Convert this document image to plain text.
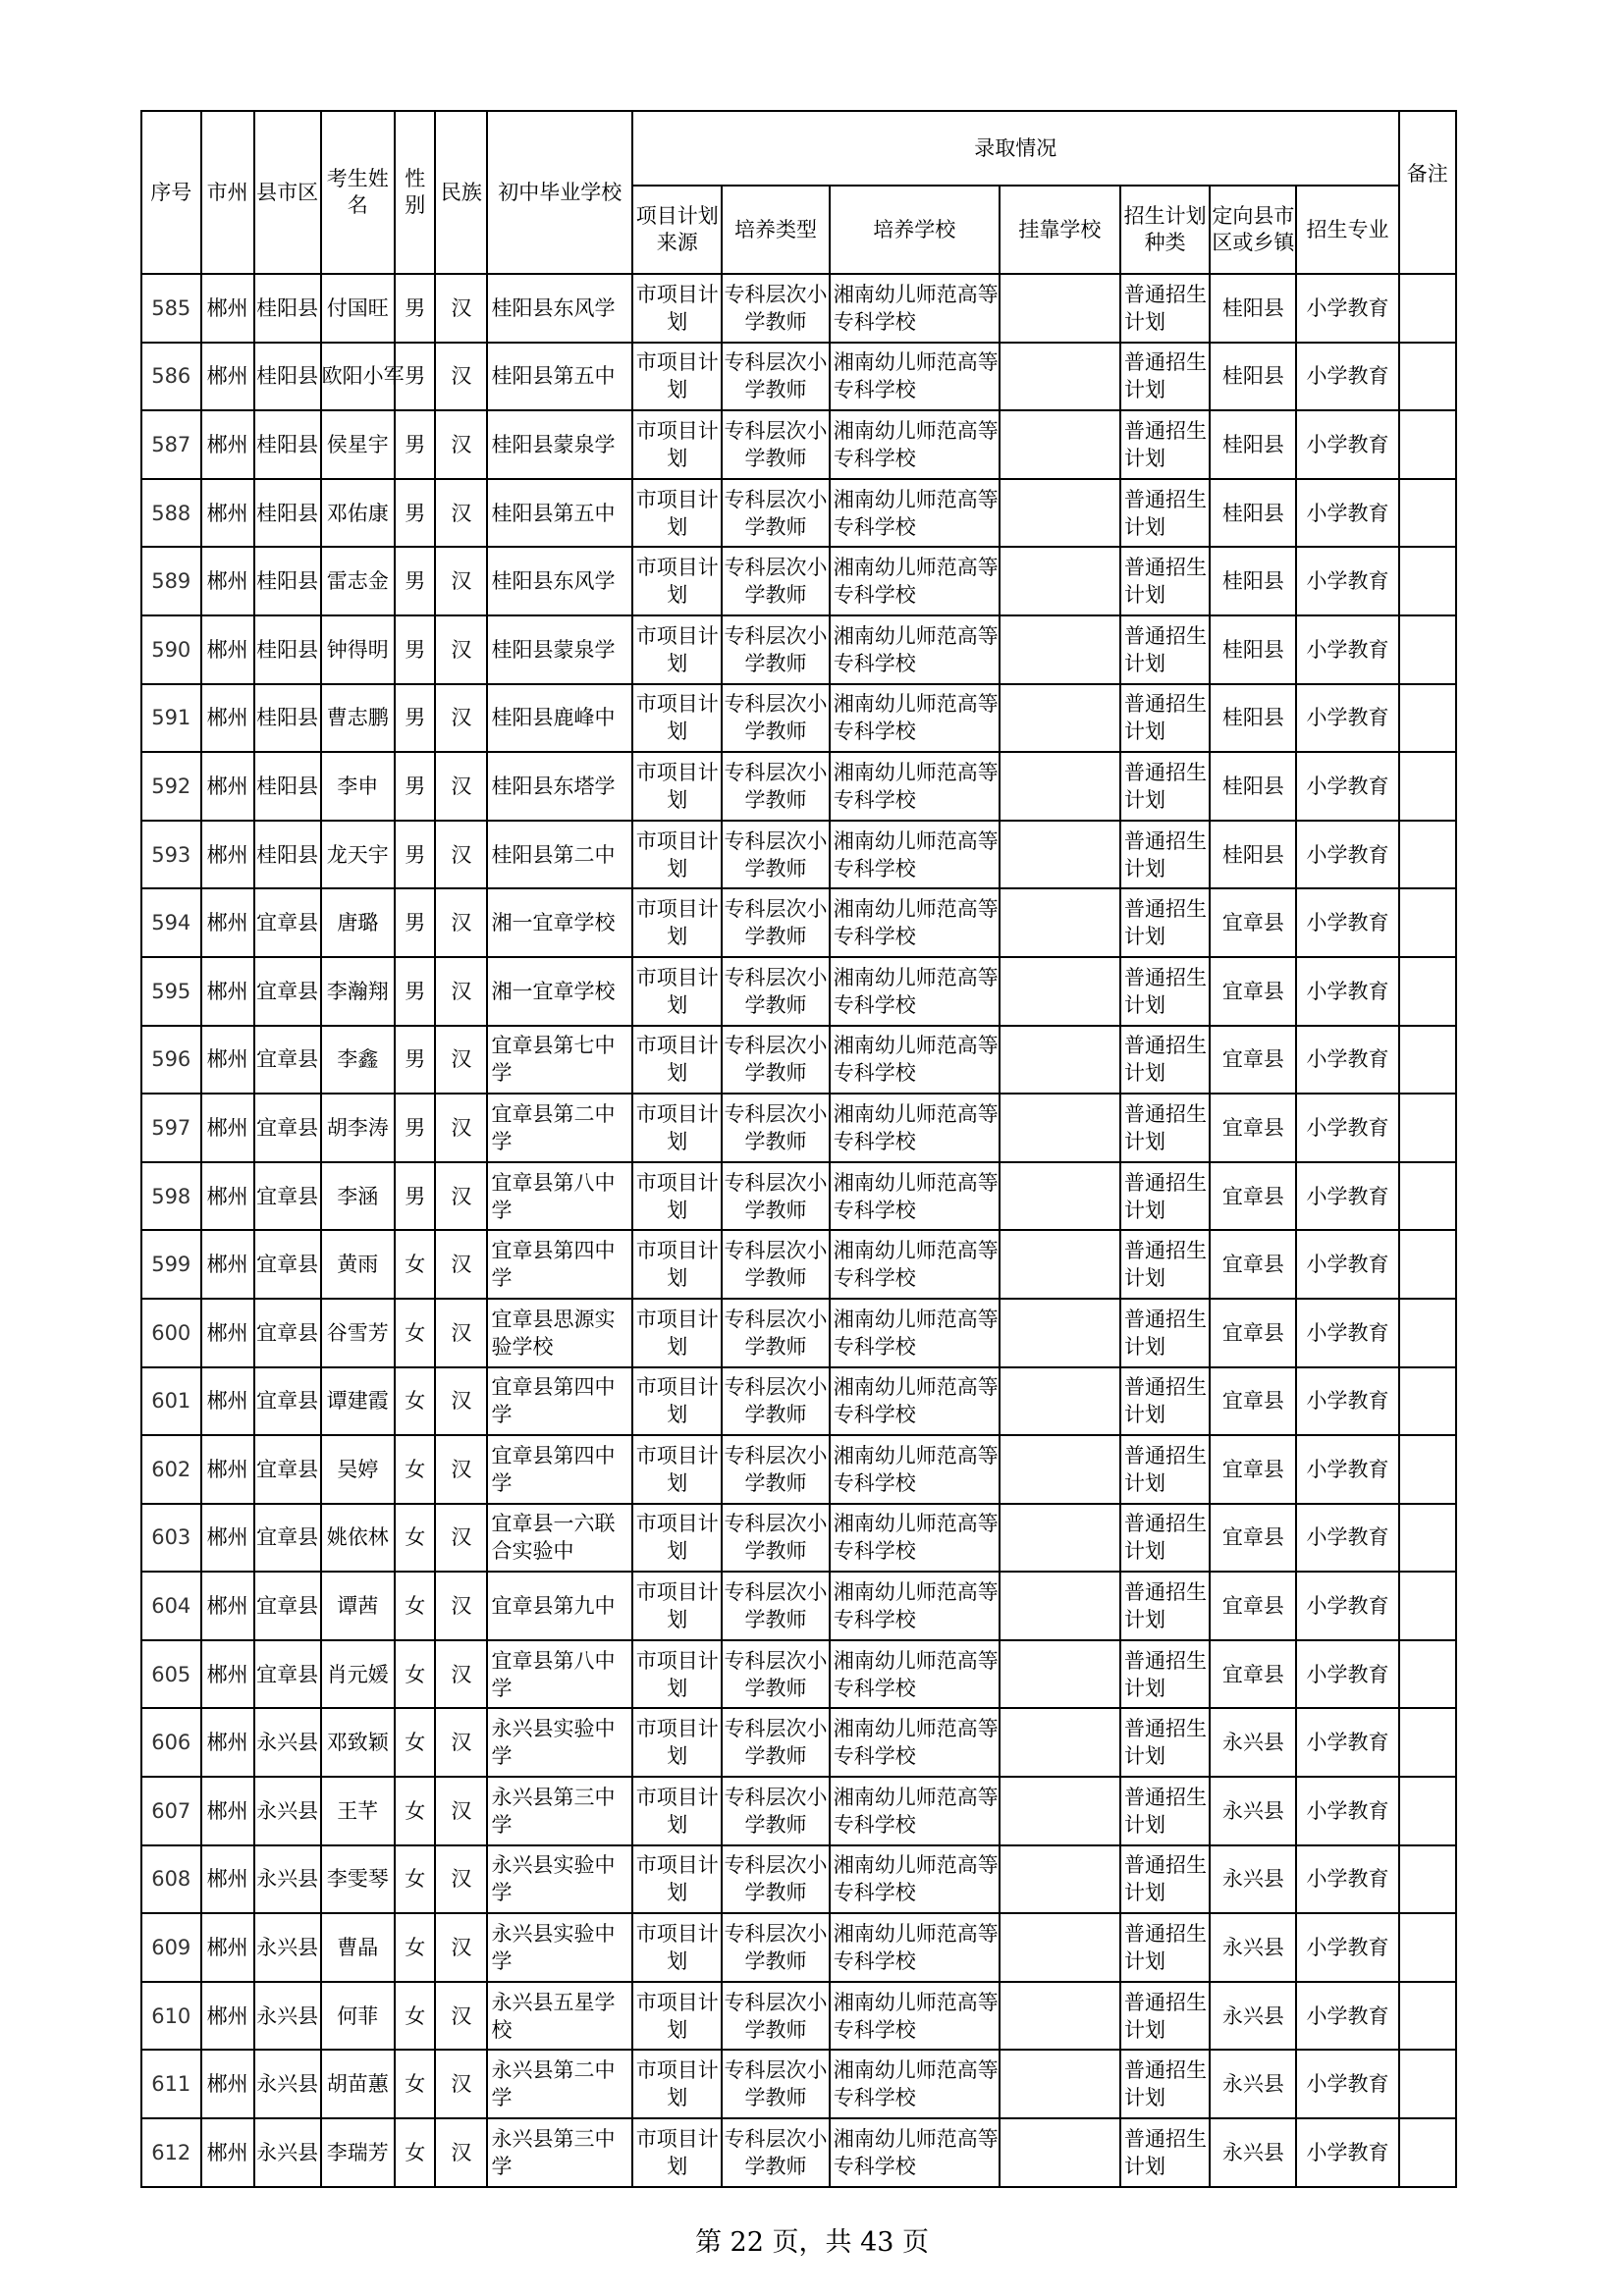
序号	市州	县市区	考生姓名	性别	民族	初中毕业学校	录取情况							备注
							项目计划来源	培养类型	培养学校	挂靠学校	招生计划种类	定向县市区或乡镇	招生专业	
585	郴州	桂阳县	付国旺	男	汉	桂阳县东风学	市项目计划	专科层次小学教师	湘南幼儿师范高等专科学校		普通招生计划	桂阳县	小学教育	
586	郴州	桂阳县	欧阳小军	男	汉	桂阳县第五中	市项目计划	专科层次小学教师	湘南幼儿师范高等专科学校		普通招生计划	桂阳县	小学教育	
587	郴州	桂阳县	侯星宇	男	汉	桂阳县蒙泉学	市项目计划	专科层次小学教师	湘南幼儿师范高等专科学校		普通招生计划	桂阳县	小学教育	
588	郴州	桂阳县	邓佑康	男	汉	桂阳县第五中	市项目计划	专科层次小学教师	湘南幼儿师范高等专科学校		普通招生计划	桂阳县	小学教育	
589	郴州	桂阳县	雷志金	男	汉	桂阳县东风学	市项目计划	专科层次小学教师	湘南幼儿师范高等专科学校		普通招生计划	桂阳县	小学教育	
590	郴州	桂阳县	钟得明	男	汉	桂阳县蒙泉学	市项目计划	专科层次小学教师	湘南幼儿师范高等专科学校		普通招生计划	桂阳县	小学教育	
591	郴州	桂阳县	曹志鹏	男	汉	桂阳县鹿峰中	市项目计划	专科层次小学教师	湘南幼儿师范高等专科学校		普通招生计划	桂阳县	小学教育	
592	郴州	桂阳县	李申	男	汉	桂阳县东塔学	市项目计划	专科层次小学教师	湘南幼儿师范高等专科学校		普通招生计划	桂阳县	小学教育	
593	郴州	桂阳县	龙天宇	男	汉	桂阳县第二中	市项目计划	专科层次小学教师	湘南幼儿师范高等专科学校		普通招生计划	桂阳县	小学教育	
594	郴州	宜章县	唐璐	男	汉	湘一宜章学校	市项目计划	专科层次小学教师	湘南幼儿师范高等专科学校		普通招生计划	宜章县	小学教育	
595	郴州	宜章县	李瀚翔	男	汉	湘一宜章学校	市项目计划	专科层次小学教师	湘南幼儿师范高等专科学校		普通招生计划	宜章县	小学教育	
596	郴州	宜章县	李鑫	男	汉	宜章县第七中学	市项目计划	专科层次小学教师	湘南幼儿师范高等专科学校		普通招生计划	宜章县	小学教育	
597	郴州	宜章县	胡李涛	男	汉	宜章县第二中学	市项目计划	专科层次小学教师	湘南幼儿师范高等专科学校		普通招生计划	宜章县	小学教育	
598	郴州	宜章县	李涵	男	汉	宜章县第八中学	市项目计划	专科层次小学教师	湘南幼儿师范高等专科学校		普通招生计划	宜章县	小学教育	
599	郴州	宜章县	黄雨	女	汉	宜章县第四中学	市项目计划	专科层次小学教师	湘南幼儿师范高等专科学校		普通招生计划	宜章县	小学教育	
600	郴州	宜章县	谷雪芳	女	汉	宜章县思源实验学校	市项目计划	专科层次小学教师	湘南幼儿师范高等专科学校		普通招生计划	宜章县	小学教育	
601	郴州	宜章县	谭建霞	女	汉	宜章县第四中学	市项目计划	专科层次小学教师	湘南幼儿师范高等专科学校		普通招生计划	宜章县	小学教育	
602	郴州	宜章县	吴婷	女	汉	宜章县第四中学	市项目计划	专科层次小学教师	湘南幼儿师范高等专科学校		普通招生计划	宜章县	小学教育	
603	郴州	宜章县	姚依林	女	汉	宜章县一六联合实验中	市项目计划	专科层次小学教师	湘南幼儿师范高等专科学校		普通招生计划	宜章县	小学教育	
604	郴州	宜章县	谭茜	女	汉	宜章县第九中	市项目计划	专科层次小学教师	湘南幼儿师范高等专科学校		普通招生计划	宜章县	小学教育	
605	郴州	宜章县	肖元媛	女	汉	宜章县第八中学	市项目计划	专科层次小学教师	湘南幼儿师范高等专科学校		普通招生计划	宜章县	小学教育	
606	郴州	永兴县	邓致颖	女	汉	永兴县实验中学	市项目计划	专科层次小学教师	湘南幼儿师范高等专科学校		普通招生计划	永兴县	小学教育	
607	郴州	永兴县	王芊	女	汉	永兴县第三中学	市项目计划	专科层次小学教师	湘南幼儿师范高等专科学校		普通招生计划	永兴县	小学教育	
608	郴州	永兴县	李雯琴	女	汉	永兴县实验中学	市项目计划	专科层次小学教师	湘南幼儿师范高等专科学校		普通招生计划	永兴县	小学教育	
609	郴州	永兴县	曹晶	女	汉	永兴县实验中学	市项目计划	专科层次小学教师	湘南幼儿师范高等专科学校		普通招生计划	永兴县	小学教育	
610	郴州	永兴县	何菲	女	汉	永兴县五星学校	市项目计划	专科层次小学教师	湘南幼儿师范高等专科学校		普通招生计划	永兴县	小学教育	
611	郴州	永兴县	胡苗蕙	女	汉	永兴县第二中学	市项目计划	专科层次小学教师	湘南幼儿师范高等专科学校		普通招生计划	永兴县	小学教育	
612	郴州	永兴县	李瑞芳	女	汉	永兴县第三中学	市项目计划	专科层次小学教师	湘南幼儿师范高等专科学校		普通招生计划	永兴县	小学教育	
第 22 页，共 43 页
